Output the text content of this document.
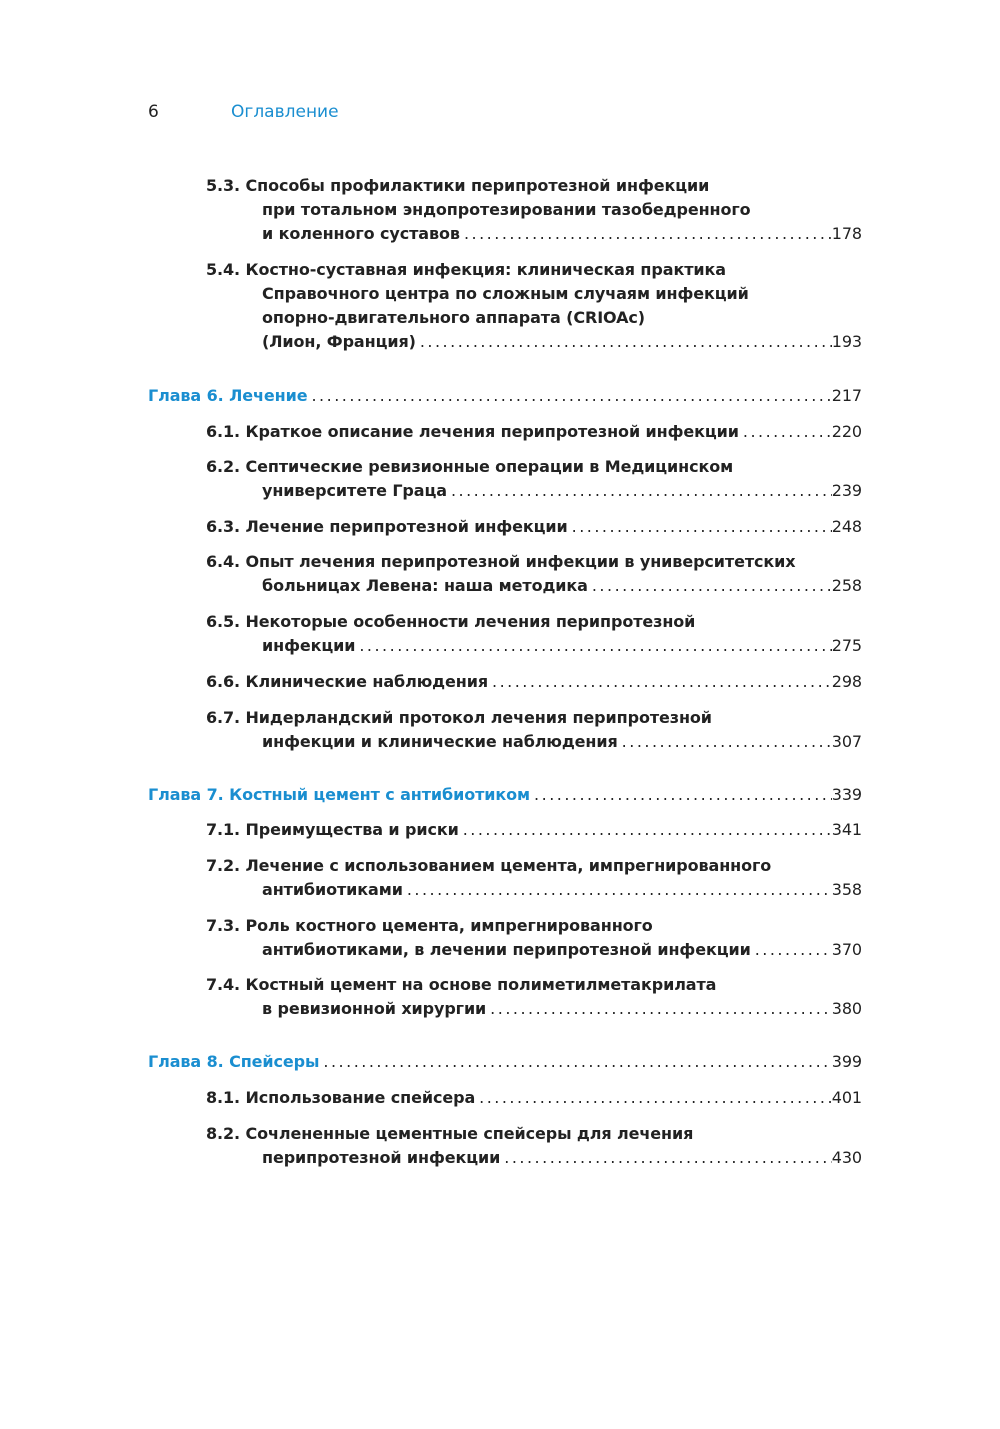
6	Оглавление
5.3. Способы профилактики перипротезной инфекции
при тотальном эндопротезировании тазобедренного
и коленного суставов . . .	178
5.4. Костно-суставная инфекция: клиническая практика
Справочного центра по сложным случаям инфекций
опорно-двигательного аппарата (CRIOAc)
(Лион, Франция) . . .	193
Глава 6. Лечение . . .	217
6.1. Краткое описание лечения перипротезной инфекции . . .	220
6.2. Септические ревизионные операции в Медицинском
университете Граца . . .	239
6.3. Лечение перипротезной инфекции . . .	248
6.4. Опыт лечения перипротезной инфекции в университетских
больницах Левена: наша методика . . .	258
6.5. Некоторые особенности лечения перипротезной
инфекции . . .	275
6.6. Клинические наблюдения . . .	298
6.7. Нидерландский протокол лечения перипротезной
инфекции и клинические наблюдения . . .	307
Глава 7. Костный цемент с антибиотиком . . .	339
7.1. Преимущества и риски . . .	341
7.2. Лечение с использованием цемента, импрегнированного
антибиотиками . . .	358
7.3. Роль костного цемента, импрегнированного
антибиотиками, в лечении перипротезной инфекции . . .	370
7.4. Костный цемент на основе полиметилметакрилата
в ревизионной хирургии . . .	380
Глава 8. Спейсеры . . .	399
8.1. Использование спейсера . . .	401
8.2. Сочлененные цементные спейсеры для лечения
перипротезной инфекции . . .	430
